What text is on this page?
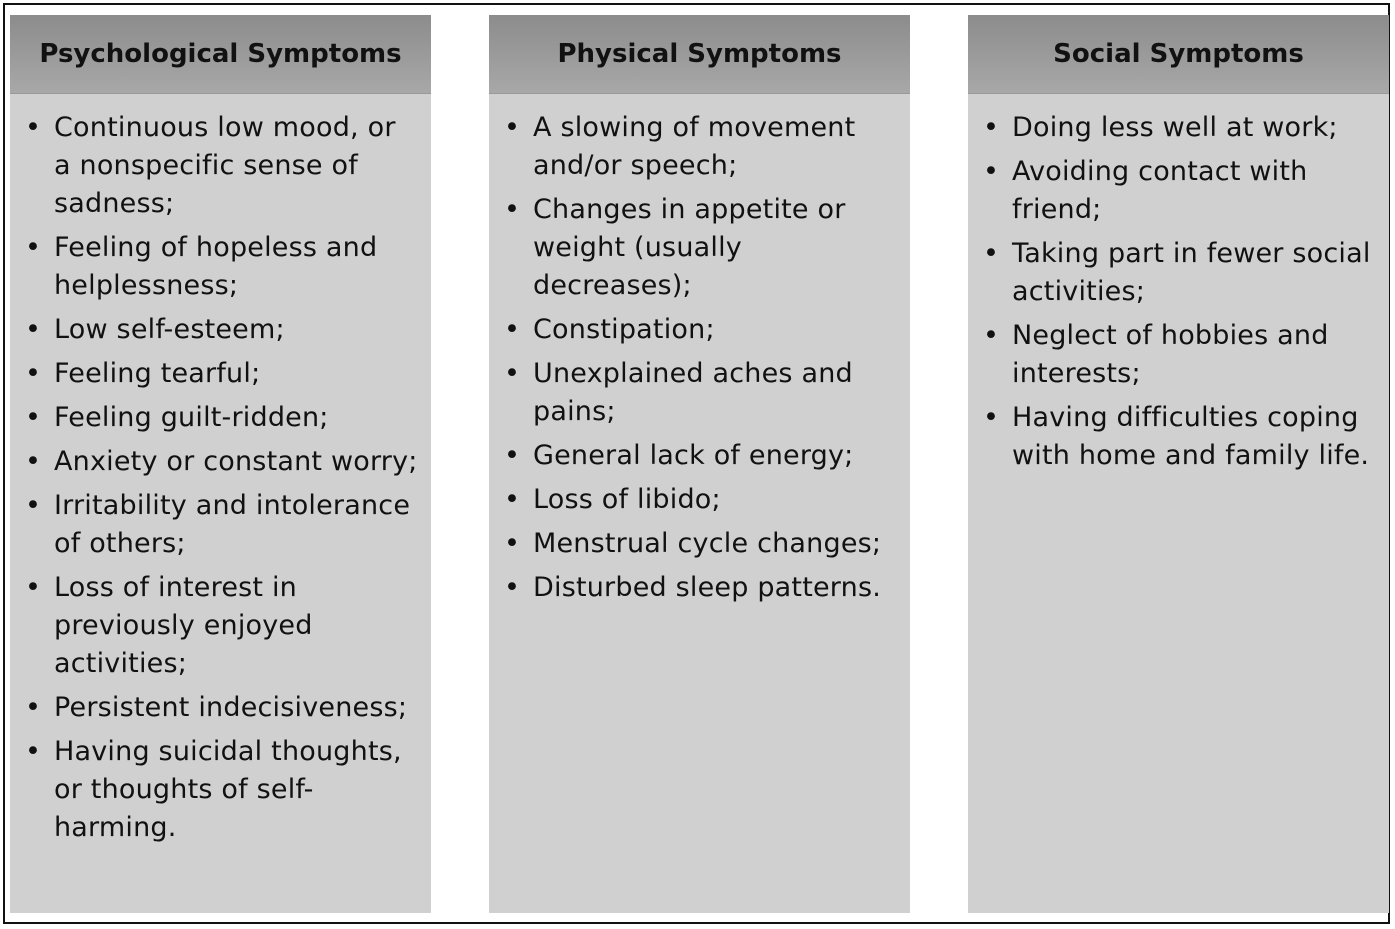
Psychological Symptoms
• Continuous low mood, or a nonspecific sense of sadness;
• Feeling of hopeless and helplessness;
• Low self-esteem;
• Feeling tearful;
• Feeling guilt-ridden;
• Anxiety or constant worry;
• Irritability and intolerance of others;
• Loss of interest in previously enjoyed activities;
• Persistent indecisiveness;
• Having suicidal thoughts, or thoughts of self-harming.
Physical Symptoms
• A slowing of movement and/or speech;
• Changes in appetite or weight (usually decreases);
• Constipation;
• Unexplained aches and pains;
• General lack of energy;
• Loss of libido;
• Menstrual cycle changes;
• Disturbed sleep patterns.
Social Symptoms
• Doing less well at work;
• Avoiding contact with friend;
• Taking part in fewer social activities;
• Neglect of hobbies and interests;
• Having difficulties coping with home and family life.
